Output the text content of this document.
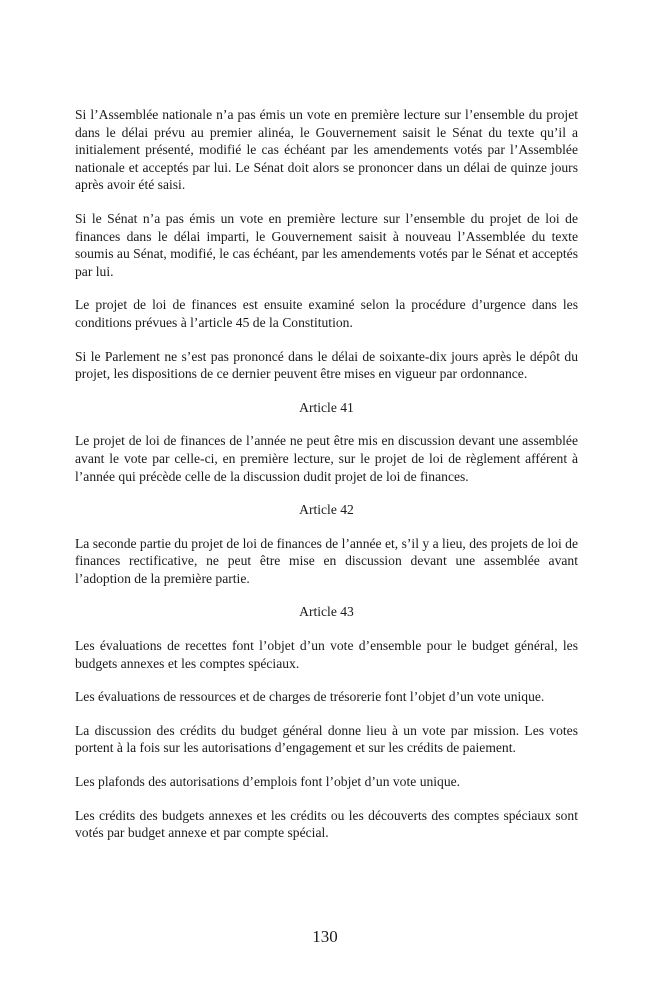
Si l’Assemblée nationale n’a pas émis un vote en première lecture sur l’ensemble du projet dans le délai prévu au premier alinéa, le Gouvernement saisit le Sénat du texte qu’il a initialement présenté, modifié le cas échéant par les amendements votés par l’Assemblée nationale et acceptés par lui. Le Sénat doit alors se prononcer dans un délai de quinze jours après avoir été saisi.

Si le Sénat n’a pas émis un vote en première lecture sur l’ensemble du projet de loi de finances dans le délai imparti, le Gouvernement saisit à nouveau l’Assemblée du texte soumis au Sénat, modifié, le cas échéant, par les amendements votés par le Sénat et acceptés par lui.

Le projet de loi de finances est ensuite examiné selon la procédure d’urgence dans les conditions prévues à l’article 45 de la Constitution.

Si le Parlement ne s’est pas prononcé dans le délai de soixante-dix jours après le dépôt du projet, les dispositions de ce dernier peuvent être mises en vigueur par ordonnance.

Article 41

Le projet de loi de finances de l’année ne peut être mis en discussion devant une assemblée avant le vote par celle-ci, en première lecture, sur le projet de loi de règlement afférent à l’année qui précède celle de la discussion dudit projet de loi de finances.

Article 42

La seconde partie du projet de loi de finances de l’année et, s’il y a lieu, des projets de loi de finances rectificative, ne peut être mise en discussion devant une assemblée avant l’adoption de la première partie.

Article 43

Les évaluations de recettes font l’objet d’un vote d’ensemble pour le budget général, les budgets annexes et les comptes spéciaux.

Les évaluations de ressources et de charges de trésorerie font l’objet d’un vote unique.

La discussion des crédits du budget général donne lieu à un vote par mission. Les votes portent à la fois sur les autorisations d’engagement et sur les crédits de paiement.

Les plafonds des autorisations d’emplois font l’objet d’un vote unique.

Les crédits des budgets annexes et les crédits ou les découverts des comptes spéciaux sont votés par budget annexe et par compte spécial.

130
